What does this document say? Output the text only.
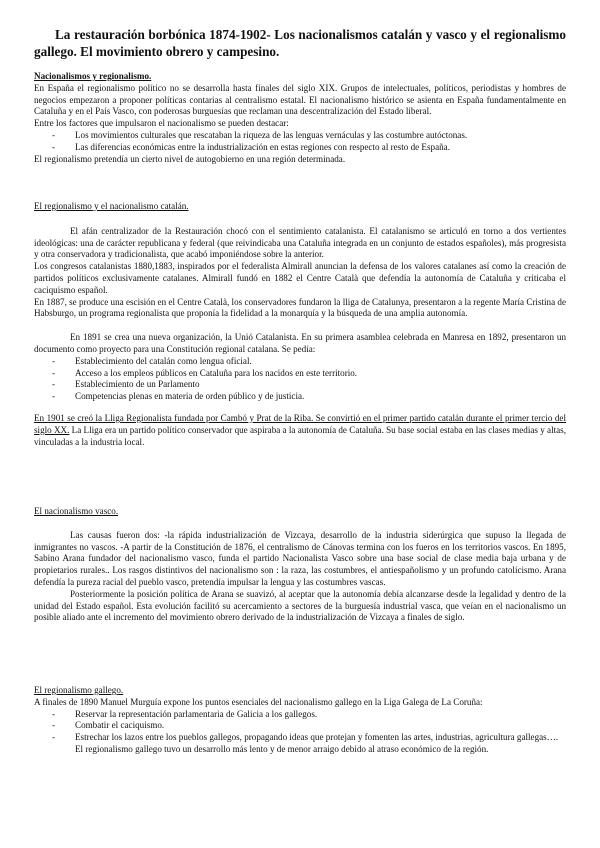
La restauración borbónica 1874-1902- Los nacionalismos catalán y vasco y el regionalismo gallego. El movimiento obrero y campesino.

Nacionalismos y regionalismo.

En España el regionalismo político no se desarrolla hasta finales del siglo XIX. Grupos de intelectuales, políticos, periodistas y hombres de negocios empezaron a proponer políticas contarias al centralismo estatal. El nacionalismo histórico se asienta en España fundamentalmente en Cataluña y en el País Vasco, con poderosas burguesías que reclaman una descentralización del Estado liberal.

Entre los factores que impulsaron el nacionalismo se pueden destacar:

- Los movimientos culturales que rescataban la riqueza de las lenguas vernáculas y las costumbre autóctonas.
- Las diferencias económicas entre la industrialización en estas regiones con respecto al resto de España.

El regionalismo pretendía un cierto nivel de autogobierno en una región determinada.

El regionalismo y el nacionalismo catalán.

El afán centralizador de la Restauración chocó con el sentimiento catalanista. El catalanismo se articuló en torno a dos vertientes ideológicas: una de carácter republicana y federal (que reivindicaba una Cataluña integrada en un conjunto de estados españoles), más progresista y otra conservadora y tradicionalista, que acabó imponiéndose sobre la anterior.

Los congresos catalanistas 1880,1883, inspirados por el federalista Almirall anuncian la defensa de los valores catalanes así como la creación de partidos políticos exclusivamente catalanes. Almirall fundó en 1882 el Centre Català que defendía la autonomía de Cataluña y criticaba el caciquismo español.

En 1887, se produce una escisión en el Centre Català, los conservadores fundaron la lliga de Catalunya, presentaron a la regente María Cristina de Habsburgo, un programa regionalista que proponía la fidelidad a la monarquía y la búsqueda de una amplia autonomía.

En 1891 se crea una nueva organización, la Unió Catalanista. En su primera asamblea celebrada en Manresa en 1892, presentaron un documento como proyecto para una Constitución regional catalana. Se pedía:

- Establecimiento del catalán como lengua oficial.
- Acceso a los empleos públicos en Cataluña para los nacidos en este territorio.
- Establecimiento de un Parlamento
- Competencias plenas en materia de orden público y de justicia.

En 1901 se creó la Lliga Regionalista fundada por Cambó y Prat de la Riba. Se convirtió en el primer partido catalán durante el primer tercio del siglo XX. La Lliga era un partido político conservador que aspiraba a la autonomía de Cataluña. Su base social estaba en las clases medias y altas, vinculadas a la industria local.

El nacionalismo vasco.

Las causas fueron dos: -la rápida industrialización de Vizcaya, desarrollo de la industria siderúrgica que supuso la llegada de inmigrantes no vascos. -A partir de la Constitución de 1876, el centralismo de Cánovas termina con los fueros en los territorios vascos. En 1895, Sabino Arana fundador del nacionalismo vasco, funda el partido Nacionalista Vasco sobre una base social de clase media baja urbana y de propietarios rurales.. Los rasgos distintivos del nacionalismo son : la raza, las costumbres, el antiespañolismo y un profundo catolicismo. Arana defendía la pureza racial del pueblo vasco, pretendía impulsar la lengua y las costumbres vascas.

Posteriormente la posición política de Arana se suavizó, al aceptar que la autonomía debía alcanzarse desde la legalidad y dentro de la unidad del Estado español. Esta evolución facilitó su acercamiento a sectores de la burguesía industrial vasca, que veían en el nacionalismo un posible aliado ante el incremento del movimiento obrero derivado de la industrialización de Vizcaya a finales de siglo.

El regionalismo gallego.

A finales de 1890 Manuel Murguía expone los puntos esenciales del nacionalismo gallego en la Liga Galega de La Coruña:

- Reservar la representación parlamentaria de Galicia a los gallegos.
- Combatir el caciquismo.
- Estrechar los lazos entre los pueblos gallegos, propagando ideas que protejan y fomenten las artes, industrias, agricultura gallegas….

El regionalismo gallego tuvo un desarrollo más lento y de menor arraigo debido al atraso económico de la región.
